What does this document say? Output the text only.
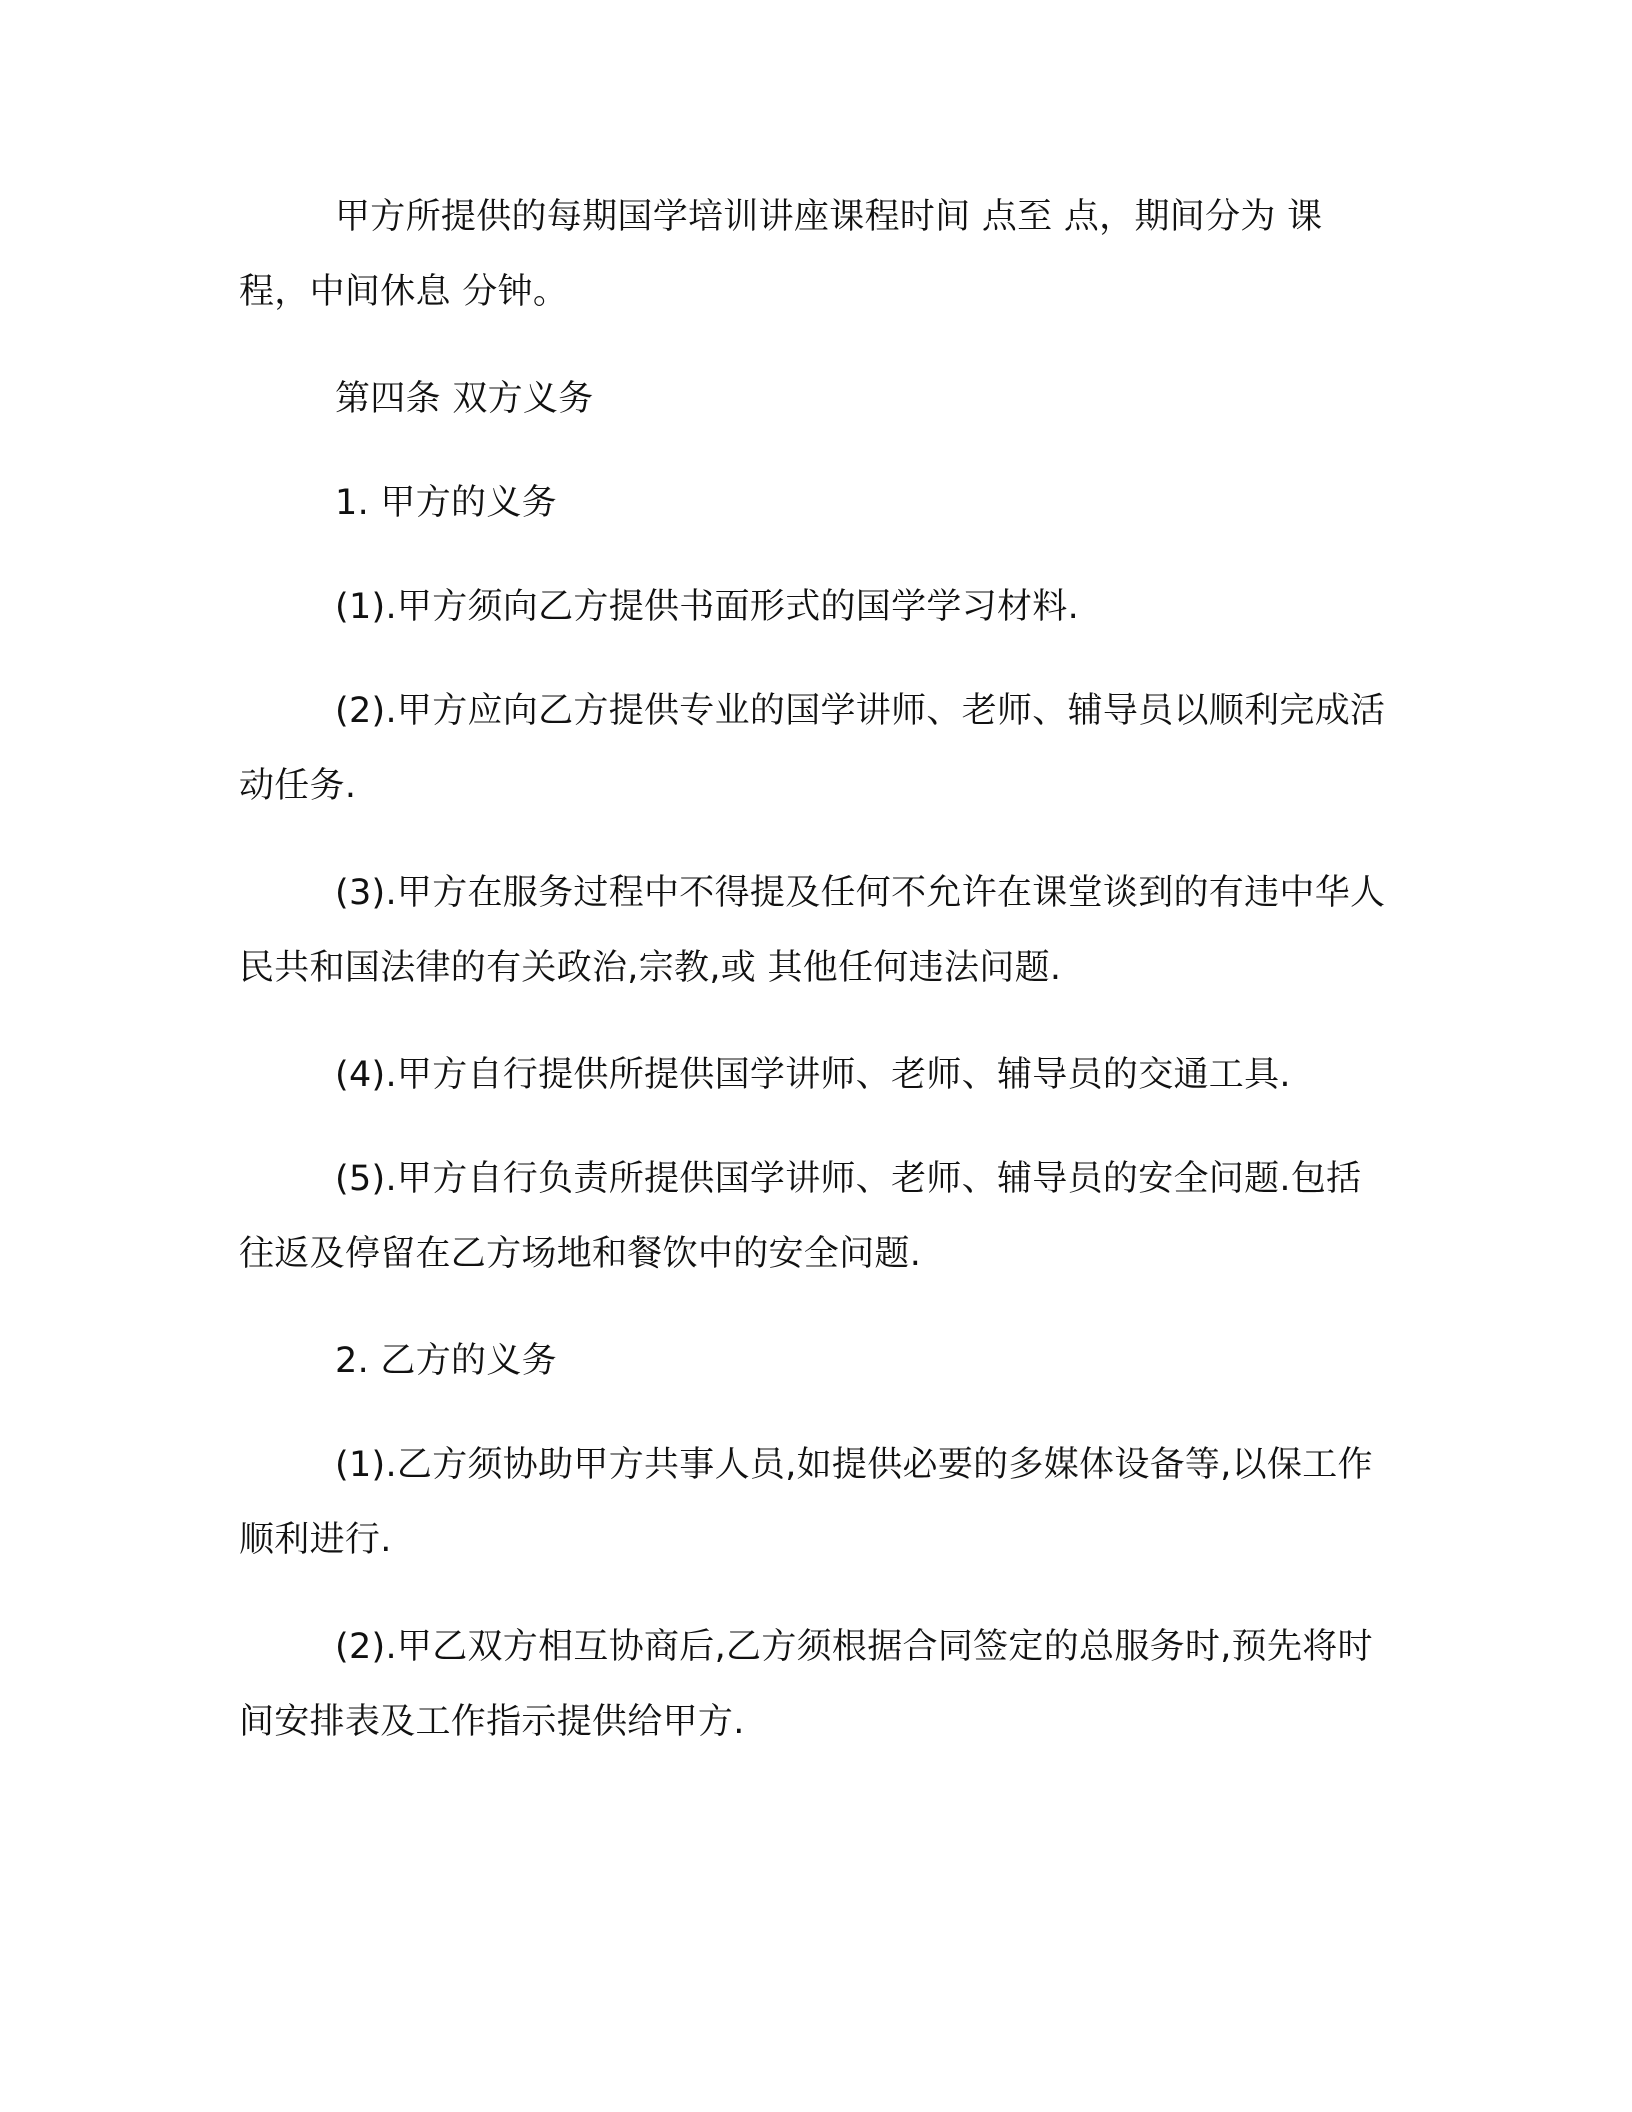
甲方所提供的每期国学培训讲座课程时间 点至 点，期间分为 课程，中间休息 分钟。

第四条 双方义务

1. 甲方的义务

(1).甲方须向乙方提供书面形式的国学学习材料.

(2).甲方应向乙方提供专业的国学讲师、老师、辅导员以顺利完成活动任务.

(3).甲方在服务过程中不得提及任何不允许在课堂谈到的有违中华人民共和国法律的有关政治,宗教,或 其他任何违法问题.

(4).甲方自行提供所提供国学讲师、老师、辅导员的交通工具.

(5).甲方自行负责所提供国学讲师、老师、辅导员的安全问题.包括往返及停留在乙方场地和餐饮中的安全问题.

2. 乙方的义务

(1).乙方须协助甲方共事人员,如提供必要的多媒体设备等,以保工作顺利进行.

(2).甲乙双方相互协商后,乙方须根据合同签定的总服务时,预先将时间安排表及工作指示提供给甲方.
